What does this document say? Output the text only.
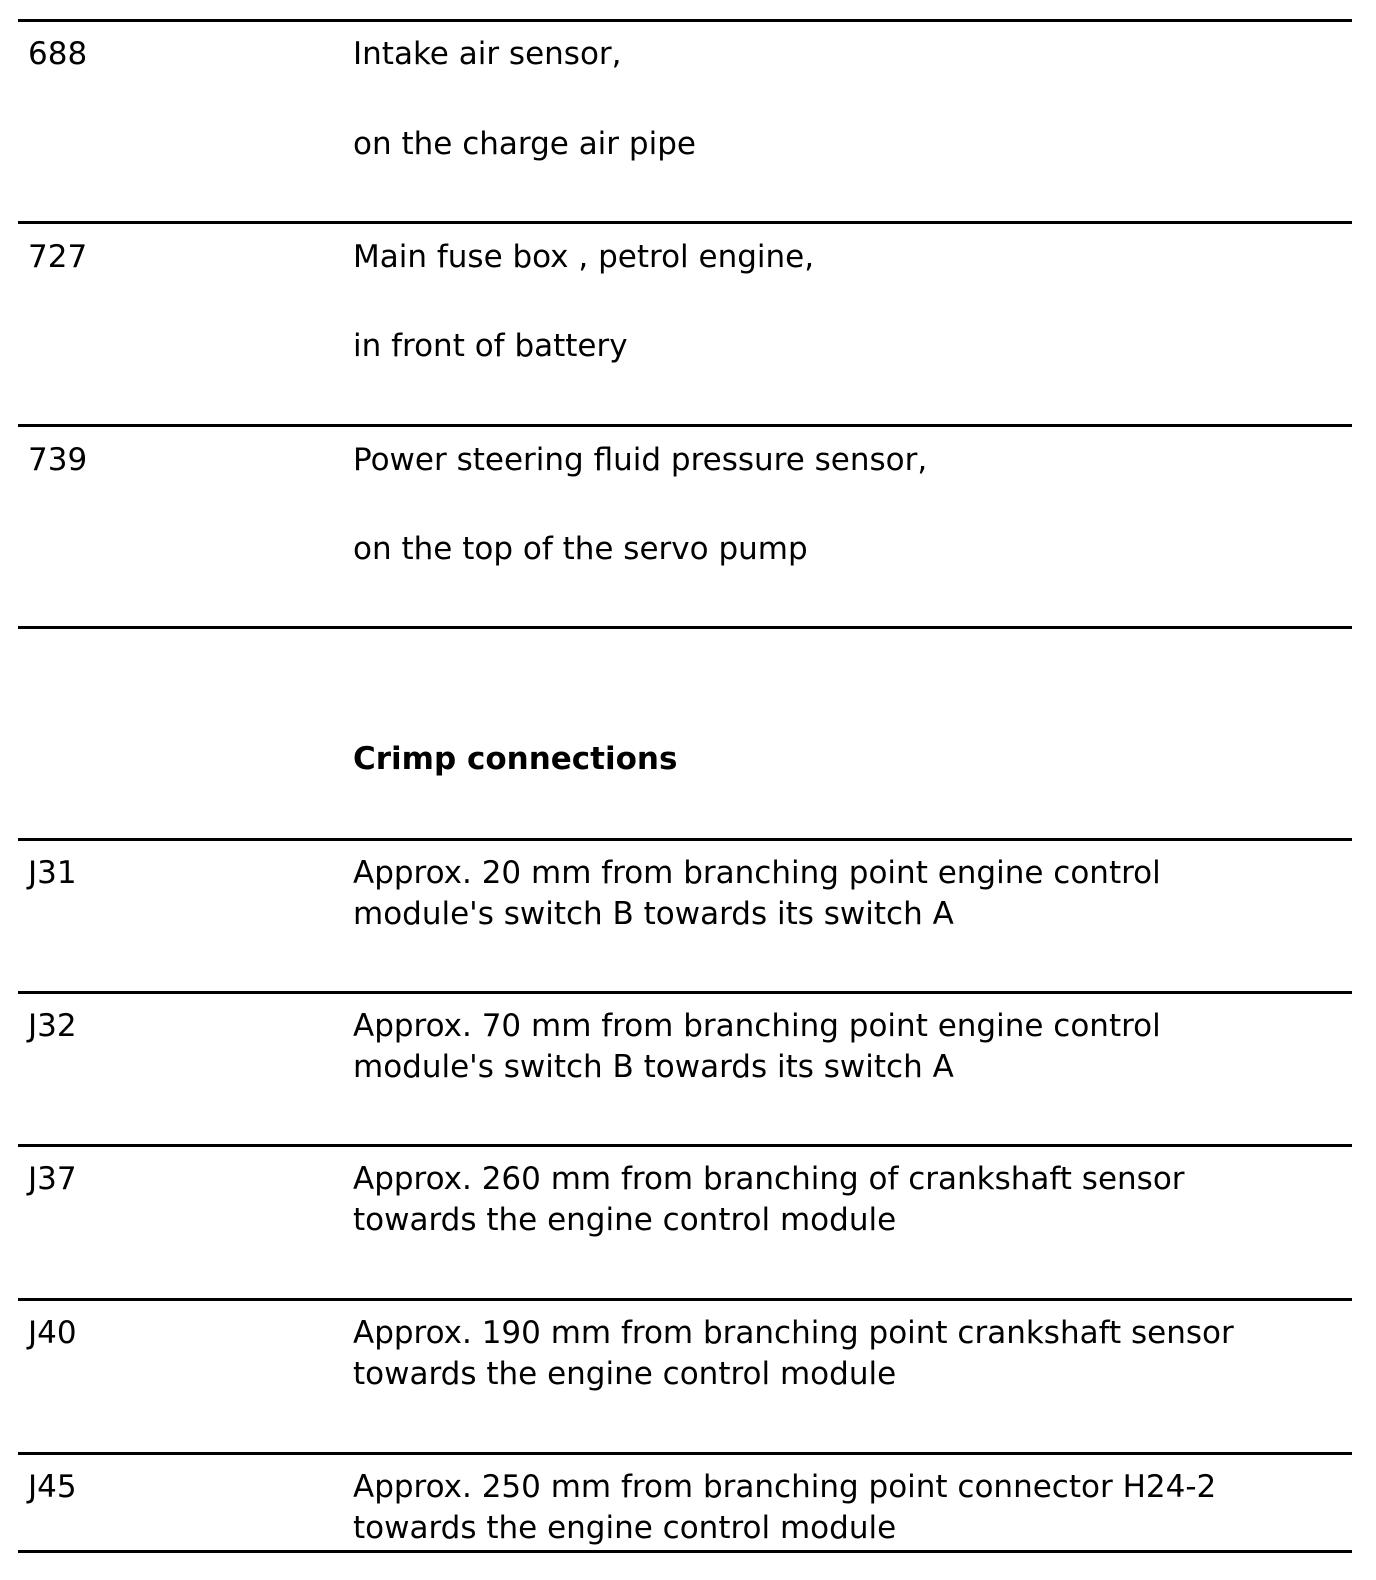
688	Intake air sensor,
on the charge air pipe
727	Main fuse box , petrol engine,
in front of battery
739	Power steering fluid pressure sensor,
on the top of the servo pump
Crimp connections
J31	Approx. 20 mm from branching point engine control
module's switch B towards its switch A
J32	Approx. 70 mm from branching point engine control
module's switch B towards its switch A
J37	Approx. 260 mm from branching of crankshaft sensor
towards the engine control module
J40	Approx. 190 mm from branching point crankshaft sensor
towards the engine control module
J45	Approx. 250 mm from branching point connector H24-2
towards the engine control module
